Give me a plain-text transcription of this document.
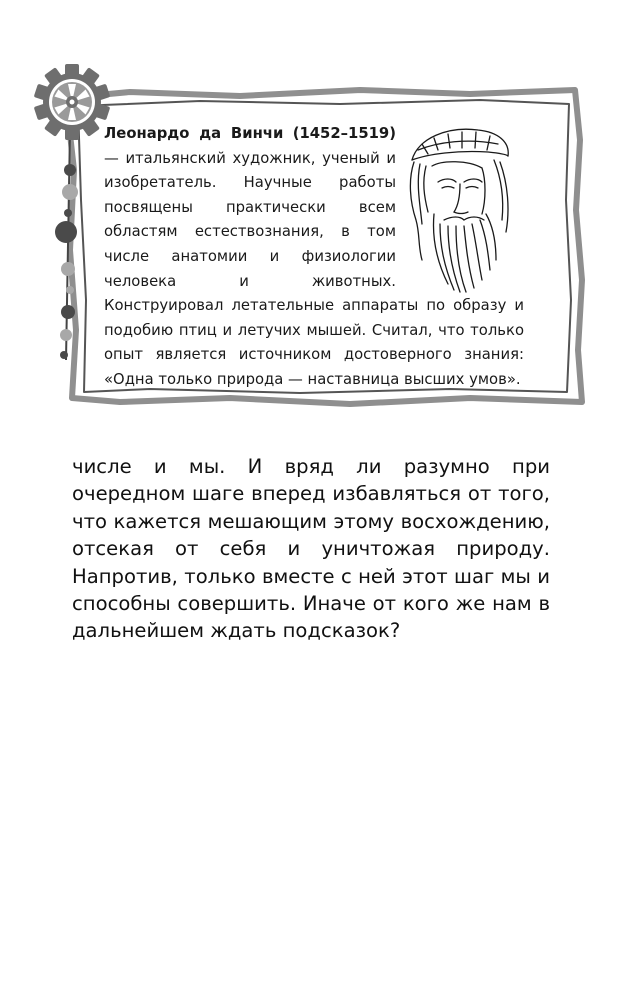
Леонардо да Винчи (1452–1519) — итальянский художник, ученый и изобретатель. Научные работы посвящены практически всем областям естествознания, в том числе анатомии и физиологии человека и животных. Конструировал летательные аппараты по образу и подобию птиц и летучих мышей. Считал, что только опыт является источником достоверного знания: «Одна только природа — наставница высших умов».

числе и мы. И вряд ли разумно при очередном шаге вперед избавляться от того, что кажется мешающим этому восхождению, отсекая от себя и уничтожая природу. Напротив, только вместе с ней этот шаг мы и способны совершить. Иначе от кого же нам в дальнейшем ждать подсказок?
